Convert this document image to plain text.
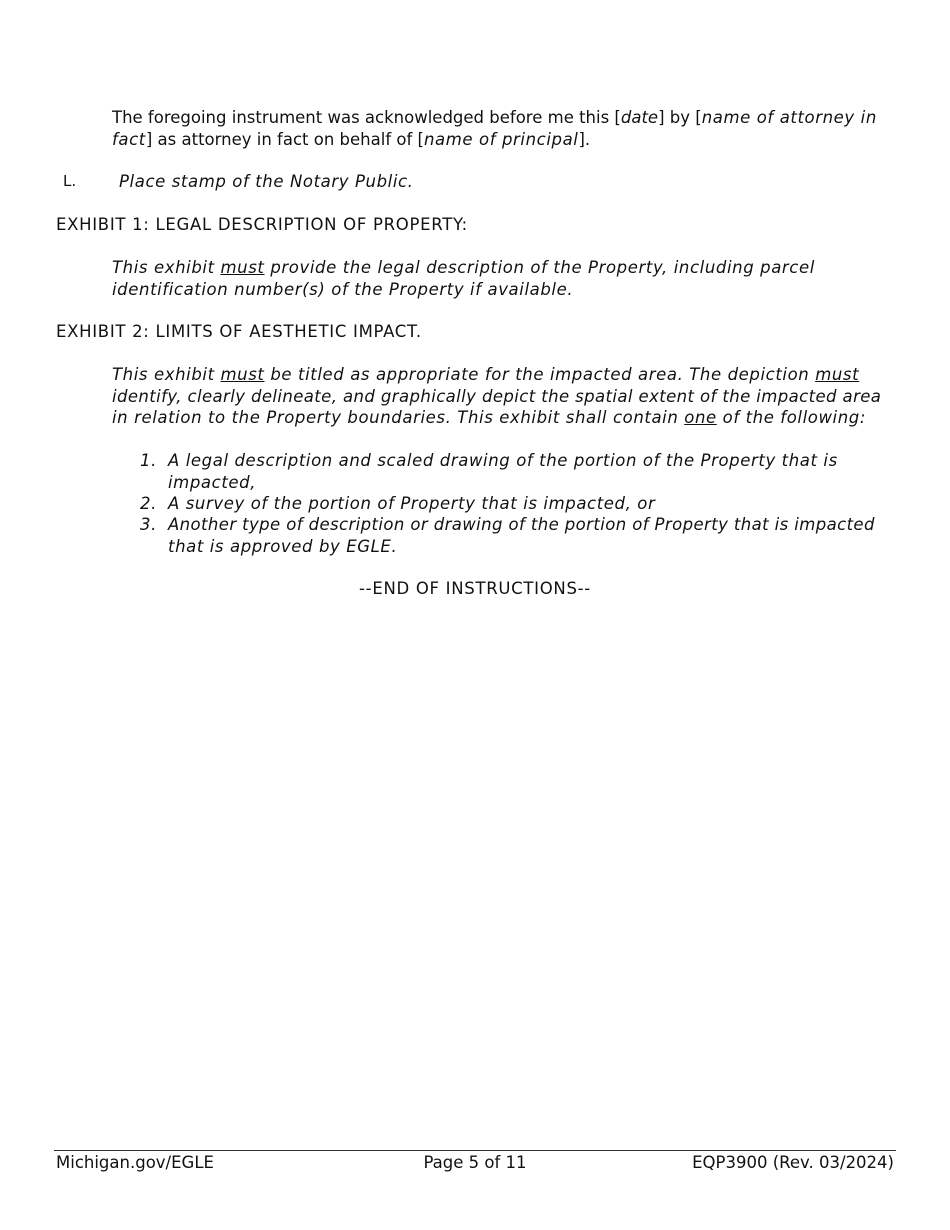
The foregoing instrument was acknowledged before me this [date] by [name of attorney in
fact] as attorney in fact on behalf of [name of principal].
L.	Place stamp of the Notary Public.
EXHIBIT 1: LEGAL DESCRIPTION OF PROPERTY:
This exhibit must provide the legal description of the Property, including parcel
identification number(s) of the Property if available.
EXHIBIT 2: LIMITS OF AESTHETIC IMPACT.
This exhibit must be titled as appropriate for the impacted area. The depiction must
identify, clearly delineate, and graphically depict the spatial extent of the impacted area
in relation to the Property boundaries. This exhibit shall contain one of the following:
1. A legal description and scaled drawing of the portion of the Property that is
impacted,
2. A survey of the portion of Property that is impacted, or
3. Another type of description or drawing of the portion of Property that is impacted
that is approved by EGLE.
--END OF INSTRUCTIONS--
Michigan.gov/EGLE	Page 5 of 11	EQP3900 (Rev. 03/2024)
